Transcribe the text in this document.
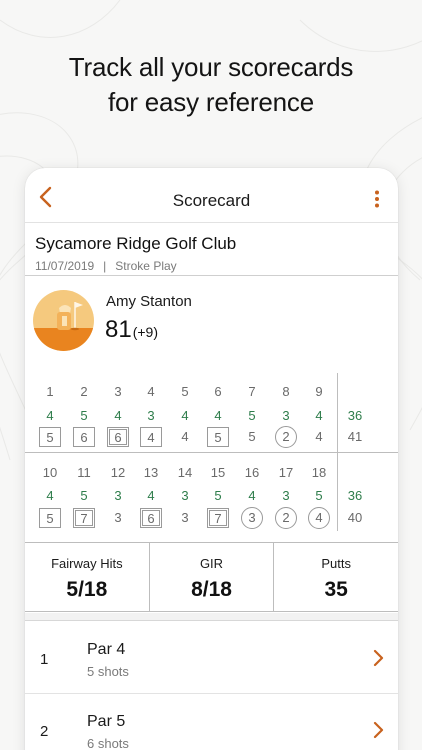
Track all your scorecards
for easy reference
Scorecard
Sycamore Ridge Golf Club
11/07/2019 | Stroke Play
Amy Stanton
81(+9)
1
4
5
2
5
6
3
4
6
4
3
4
5
4
4
6
4
5
7
5
5
8
3
2
9
4
4
36
41
10
4
5
11
5
7
12
3
3
13
4
6
14
3
3
15
5
7
16
4
3
17
3
2
18
5
4
36
40
Fairway Hits
5/18
GIR
8/18
Putts
35
1
Par 4
5 shots
2
Par 5
6 shots
